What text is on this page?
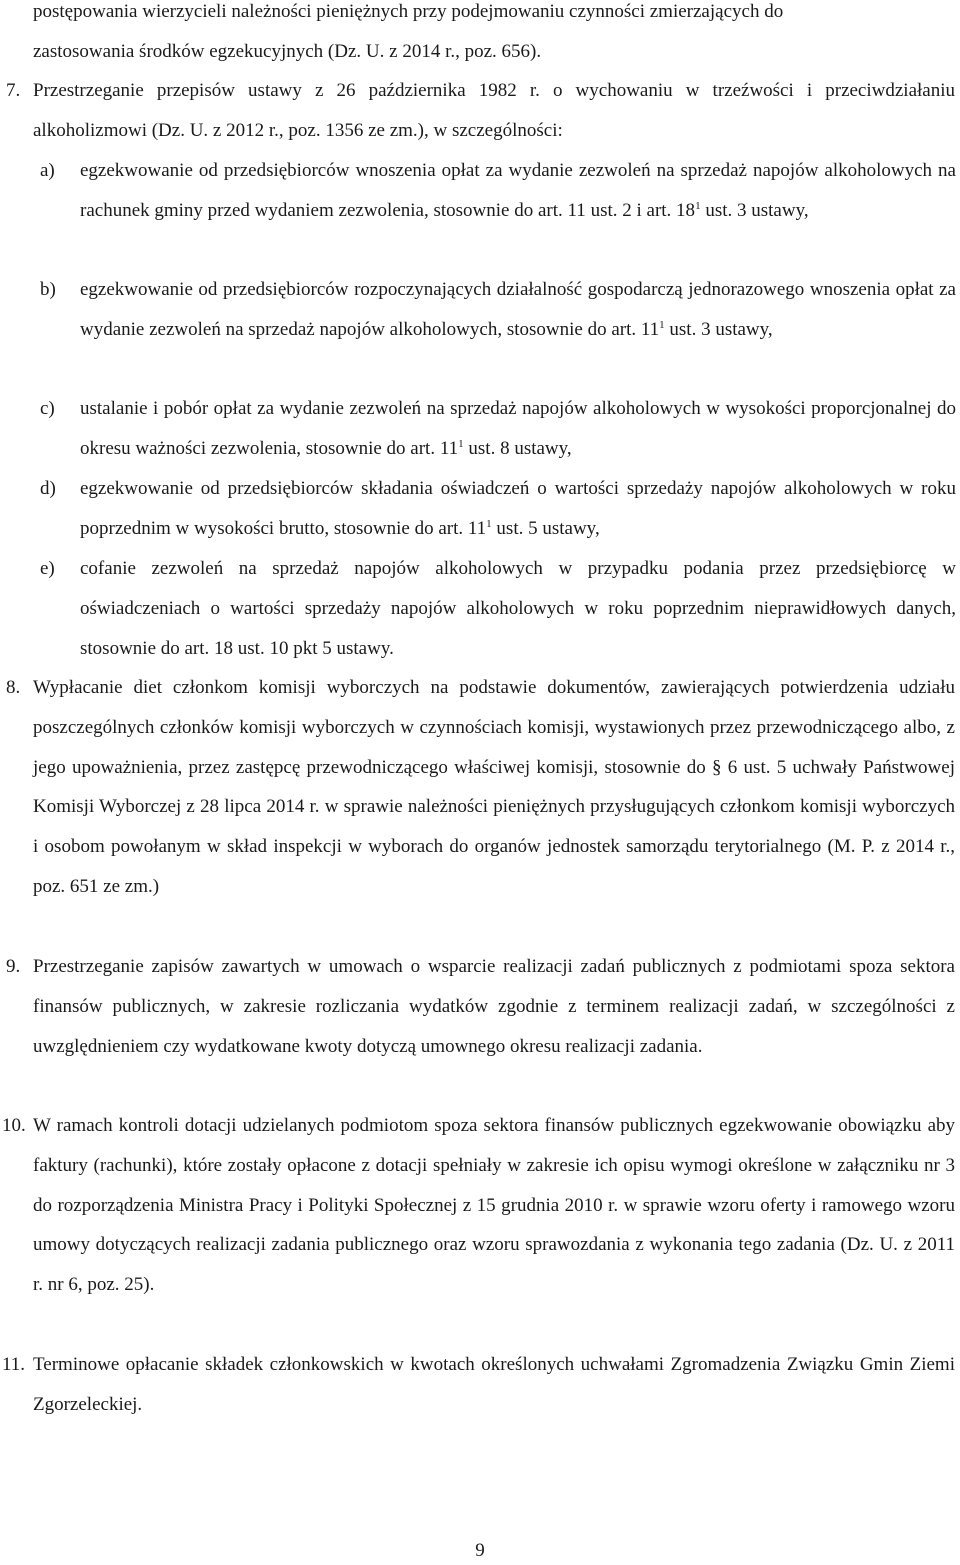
postępowania wierzycieli należności pieniężnych przy podejmowaniu czynności zmierzających do
zastosowania środków egzekucyjnych (Dz. U. z 2014 r., poz. 656).

7. Przestrzeganie przepisów ustawy z 26 października 1982 r. o wychowaniu w trzeźwości i przeciwdziałaniu alkoholizmowi (Dz. U. z 2012 r., poz. 1356 ze zm.), w szczególności:
a)	egzekwowanie od przedsiębiorców wnoszenia opłat za wydanie zezwoleń na sprzedaż napojów alkoholowych na rachunek gminy przed wydaniem zezwolenia, stosownie do art. 11 ust. 2 i art. $18^1$ ust. 3 ustawy,
b)	egzekwowanie od przedsiębiorców rozpoczynających działalność gospodarczą jednorazowego wnoszenia opłat za wydanie zezwoleń na sprzedaż napojów alkoholowych, stosownie do art. $11^1$ ust. 3 ustawy,
c)	ustalanie i pobór opłat za wydanie zezwoleń na sprzedaż napojów alkoholowych w wysokości proporcjonalnej do okresu ważności zezwolenia, stosownie do art. $11^1$ ust. 8 ustawy,
d)	egzekwowanie od przedsiębiorców składania oświadczeń o wartości sprzedaży napojów alkoholowych w roku poprzednim w wysokości brutto, stosownie do art. $11^1$ ust. 5 ustawy,
e)	cofanie zezwoleń na sprzedaż napojów alkoholowych w przypadku podania przez przedsiębiorcę w oświadczeniach o wartości sprzedaży napojów alkoholowych w roku poprzednim nieprawidłowych danych, stosownie do art. 18 ust. 10 pkt 5 ustawy.
8. Wypłacanie diet członkom komisji wyborczych na podstawie dokumentów, zawierających potwierdzenia udziału poszczególnych członków komisji wyborczych w czynnościach komisji, wystawionych przez przewodniczącego albo, z jego upoważnienia, przez zastępcę przewodniczącego właściwej komisji, stosownie do § 6 ust. 5 uchwały Państwowej Komisji Wyborczej z 28 lipca 2014 r. w sprawie należności pieniężnych przysługujących członkom komisji wyborczych i osobom powołanym w skład inspekcji w wyborach do organów jednostek samorządu terytorialnego (M. P. z 2014 r., poz. 651 ze zm.)
9. Przestrzeganie zapisów zawartych w umowach o wsparcie realizacji zadań publicznych z podmiotami spoza sektora finansów publicznych, w zakresie rozliczania wydatków zgodnie z terminem realizacji zadań, w szczególności z uwzględnieniem czy wydatkowane kwoty dotyczą umownego okresu realizacji zadania.
10. W ramach kontroli dotacji udzielanych podmiotom spoza sektora finansów publicznych egzekwowanie obowiązku aby faktury (rachunki), które zostały opłacone z dotacji spełniały w zakresie ich opisu wymogi określone w załączniku nr 3 do rozporządzenia Ministra Pracy i Polityki Społecznej z 15 grudnia 2010 r. w sprawie wzoru oferty i ramowego wzoru umowy dotyczących realizacji zadania publicznego oraz wzoru sprawozdania z wykonania tego zadania (Dz. U. z 2011 r. nr 6, poz. 25).
11. Terminowe opłacanie składek członkowskich w kwotach określonych uchwałami Zgromadzenia Związku Gmin Ziemi Zgorzeleckiej.
9
